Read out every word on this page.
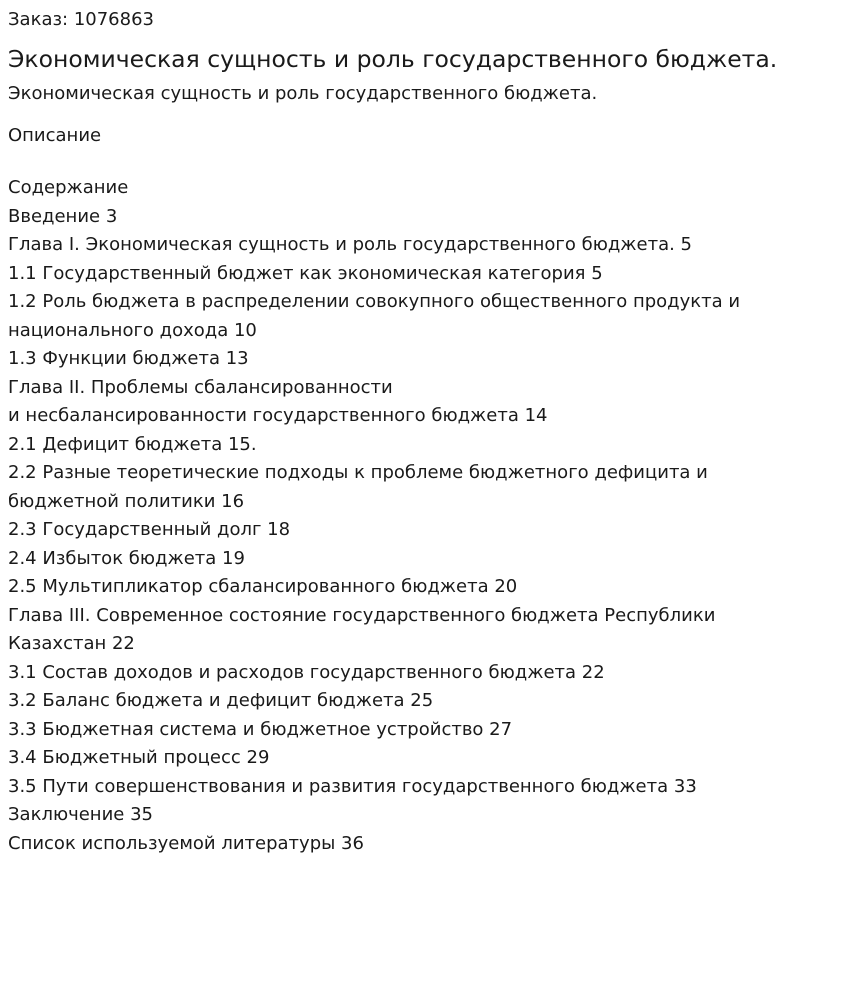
Заказ: 1076863
Экономическая сущность и роль государственного бюджета.
Экономическая сущность и роль государственного бюджета.
Описание
Содержание
Введение 3
Глава I. Экономическая сущность и роль государственного бюджета. 5
1.1 Государственный бюджет как экономическая категория 5
1.2 Роль бюджета в распределении совокупного общественного продукта и
национального дохода 10
1.3 Функции бюджета 13
Глава II. Проблемы сбалансированности
и несбалансированности государственного бюджета 14
2.1 Дефицит бюджета 15.
2.2 Разные теоретические подходы к проблеме бюджетного дефицита и
бюджетной политики 16
2.3 Государственный долг 18
2.4 Избыток бюджета 19
2.5 Мультипликатор сбалансированного бюджета 20
Глава III. Современное состояние государственного бюджета Республики
Казахстан 22
3.1 Состав доходов и расходов государственного бюджета 22
3.2 Баланс бюджета и дефицит бюджета 25
3.3 Бюджетная система и бюджетное устройство 27
3.4 Бюджетный процесс 29
3.5 Пути совершенствования и развития государственного бюджета 33
Заключение 35
Список используемой литературы 36
